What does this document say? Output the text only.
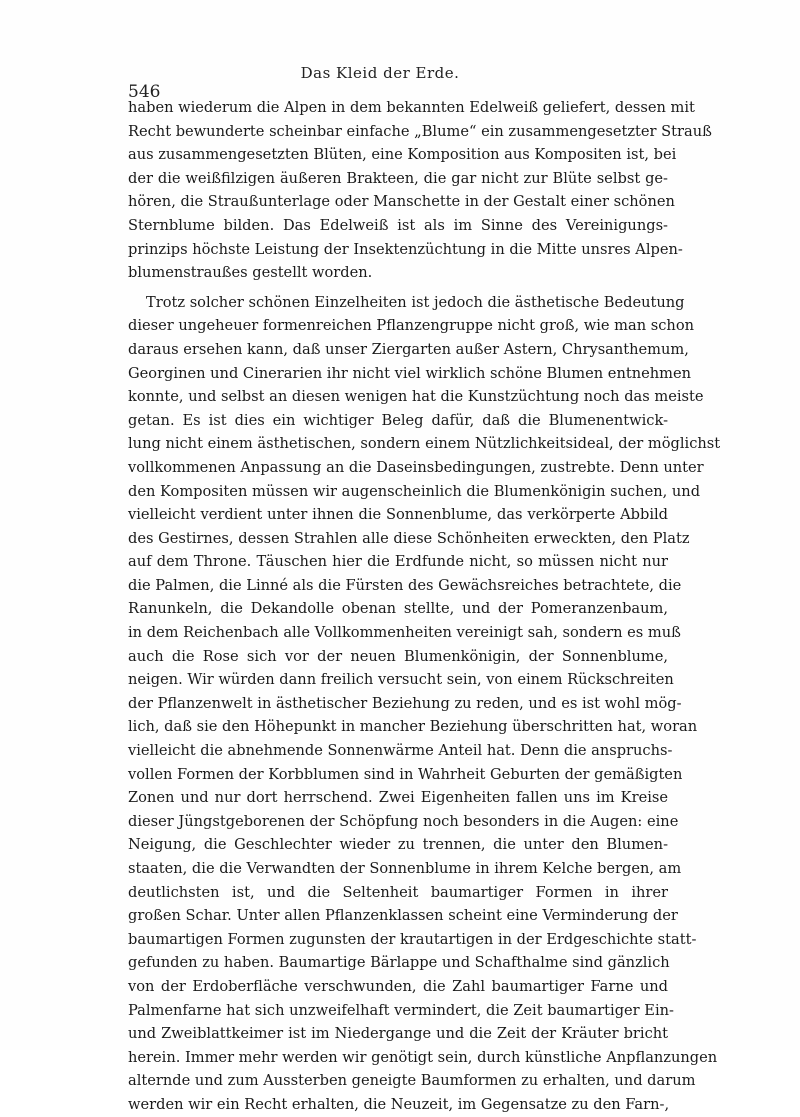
Das Kleid der Erde.
546
haben wiederum die Alpen in dem bekannten Edelweiß geliefert, dessen mit
Recht bewunderte scheinbar einfache „Blume“ ein zusammengesetzter Strauß
aus zusammengesetzten Blüten, eine Komposition aus Kompositen ist, bei
der die weißfilzigen äußeren Brakteen, die gar nicht zur Blüte selbst ge-
hören, die Straußunterlage oder Manschette in der Gestalt einer schönen
Sternblume bilden. Das Edelweiß ist als im Sinne des Vereinigungs-
prinzips höchste Leistung der Insektenzüchtung in die Mitte unsres Alpen-
blumenstraußes gestellt worden.
Trotz solcher schönen Einzelheiten ist jedoch die ästhetische Bedeutung
dieser ungeheuer formenreichen Pflanzengruppe nicht groß, wie man schon
daraus ersehen kann, daß unser Ziergarten außer Astern, Chrysanthemum,
Georginen und Cinerarien ihr nicht viel wirklich schöne Blumen entnehmen
konnte, und selbst an diesen wenigen hat die Kunstzüchtung noch das meiste
getan. Es ist dies ein wichtiger Beleg dafür, daß die Blumenentwick-
lung nicht einem ästhetischen, sondern einem Nützlichkeitsideal, der möglichst
vollkommenen Anpassung an die Daseinsbedingungen, zustrebte. Denn unter
den Kompositen müssen wir augenscheinlich die Blumenkönigin suchen, und
vielleicht verdient unter ihnen die Sonnenblume, das verkörperte Abbild
des Gestirnes, dessen Strahlen alle diese Schönheiten erweckten, den Platz
auf dem Throne. Täuschen hier die Erdfunde nicht, so müssen nicht nur
die Palmen, die Linné als die Fürsten des Gewächsreiches betrachtete, die
Ranunkeln, die Dekandolle obenan stellte, und der Pomeranzenbaum,
in dem Reichenbach alle Vollkommenheiten vereinigt sah, sondern es muß
auch die Rose sich vor der neuen Blumenkönigin, der Sonnenblume,
neigen. Wir würden dann freilich versucht sein, von einem Rückschreiten
der Pflanzenwelt in ästhetischer Beziehung zu reden, und es ist wohl mög-
lich, daß sie den Höhepunkt in mancher Beziehung überschritten hat, woran
vielleicht die abnehmende Sonnenwärme Anteil hat. Denn die anspruchs-
vollen Formen der Korbblumen sind in Wahrheit Geburten der gemäßigten
Zonen und nur dort herrschend. Zwei Eigenheiten fallen uns im Kreise
dieser Jüngstgeborenen der Schöpfung noch besonders in die Augen: eine
Neigung, die Geschlechter wieder zu trennen, die unter den Blumen-
staaten, die die Verwandten der Sonnenblume in ihrem Kelche bergen, am
deutlichsten ist, und die Seltenheit baumartiger Formen in ihrer
großen Schar. Unter allen Pflanzenklassen scheint eine Verminderung der
baumartigen Formen zugunsten der krautartigen in der Erdgeschichte statt-
gefunden zu haben. Baumartige Bärlappe und Schafthalme sind gänzlich
von der Erdoberfläche verschwunden, die Zahl baumartiger Farne und
Palmenfarne hat sich unzweifelhaft vermindert, die Zeit baumartiger Ein-
und Zweiblattkeimer ist im Niedergange und die Zeit der Kräuter bricht
herein. Immer mehr werden wir genötigt sein, durch künstliche Anpflanzungen
alternde und zum Aussterben geneigte Baumformen zu erhalten, und darum
werden wir ein Recht erhalten, die Neuzeit, im Gegensatze zu den Farn-,
